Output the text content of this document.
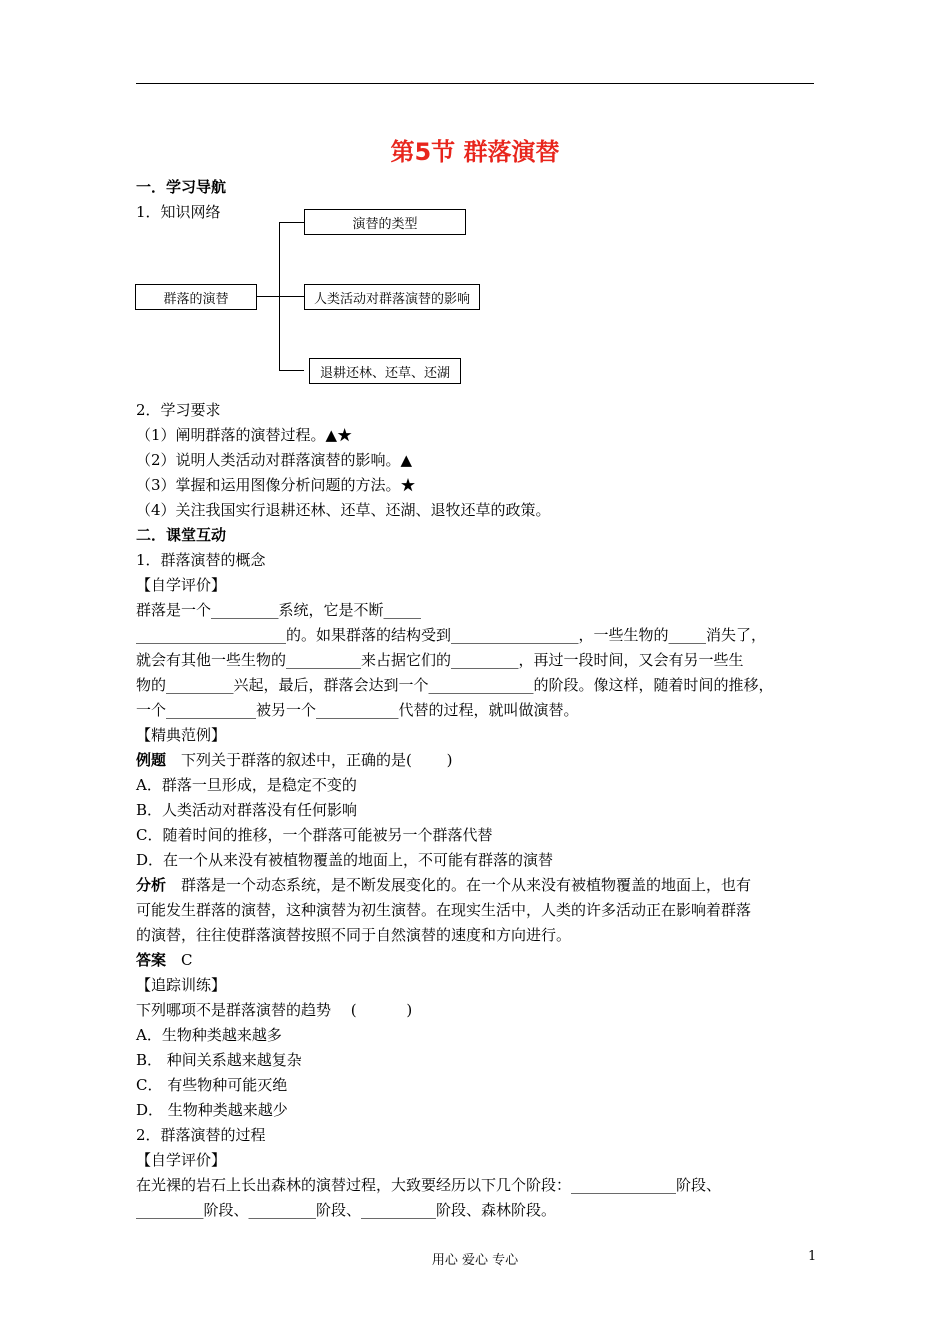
第5节 群落演替
一．学习导航
1．知识网络
群落的演替
演替的类型
人类活动对群落演替的影响
退耕还林、还草、还湖
2．学习要求
（1）阐明群落的演替过程。▲★
（2）说明人类活动对群落演替的影响。▲
（3）掌握和运用图像分析问题的方法。★
（4）关注我国实行退耕还林、还草、还湖、退牧还草的政策。
二．课堂互动
1．群落演替的概念
【自学评价】
群落是一个_________系统，它是不断_____
____________________的。如果群落的结构受到_________________，一些生物的_____消失了，
就会有其他一些生物的__________来占据它们的_________，再过一段时间，又会有另一些生
物的_________兴起，最后，群落会达到一个______________的阶段。像这样，随着时间的推移，
一个____________被另一个___________代替的过程，就叫做演替。
【精典范例】
例题　下列关于群落的叙述中，正确的是(　　 )
A．群落一旦形成，是稳定不变的
B．人类活动对群落没有任何影响
C．随着时间的推移，一个群落可能被另一个群落代替
D．在一个从来没有被植物覆盖的地面上，不可能有群落的演替
分析　群落是一个动态系统，是不断发展变化的。在一个从来没有被植物覆盖的地面上，也有
可能发生群落的演替，这种演替为初生演替。在现实生活中，人类的许多活动正在影响着群落
的演替，往往使群落演替按照不同于自然演替的速度和方向进行。
答案　C
【追踪训练】
下列哪项不是群落演替的趋势　 (　　　 )
A．生物种类越来越多
B． 种间关系越来越复杂
C． 有些物种可能灭绝
D． 生物种类越来越少
2．群落演替的过程
【自学评价】
在光裸的岩石上长出森林的演替过程，大致要经历以下几个阶段：______________阶段、
_________阶段、_________阶段、__________阶段、森林阶段。
用心 爱心 专心	1
